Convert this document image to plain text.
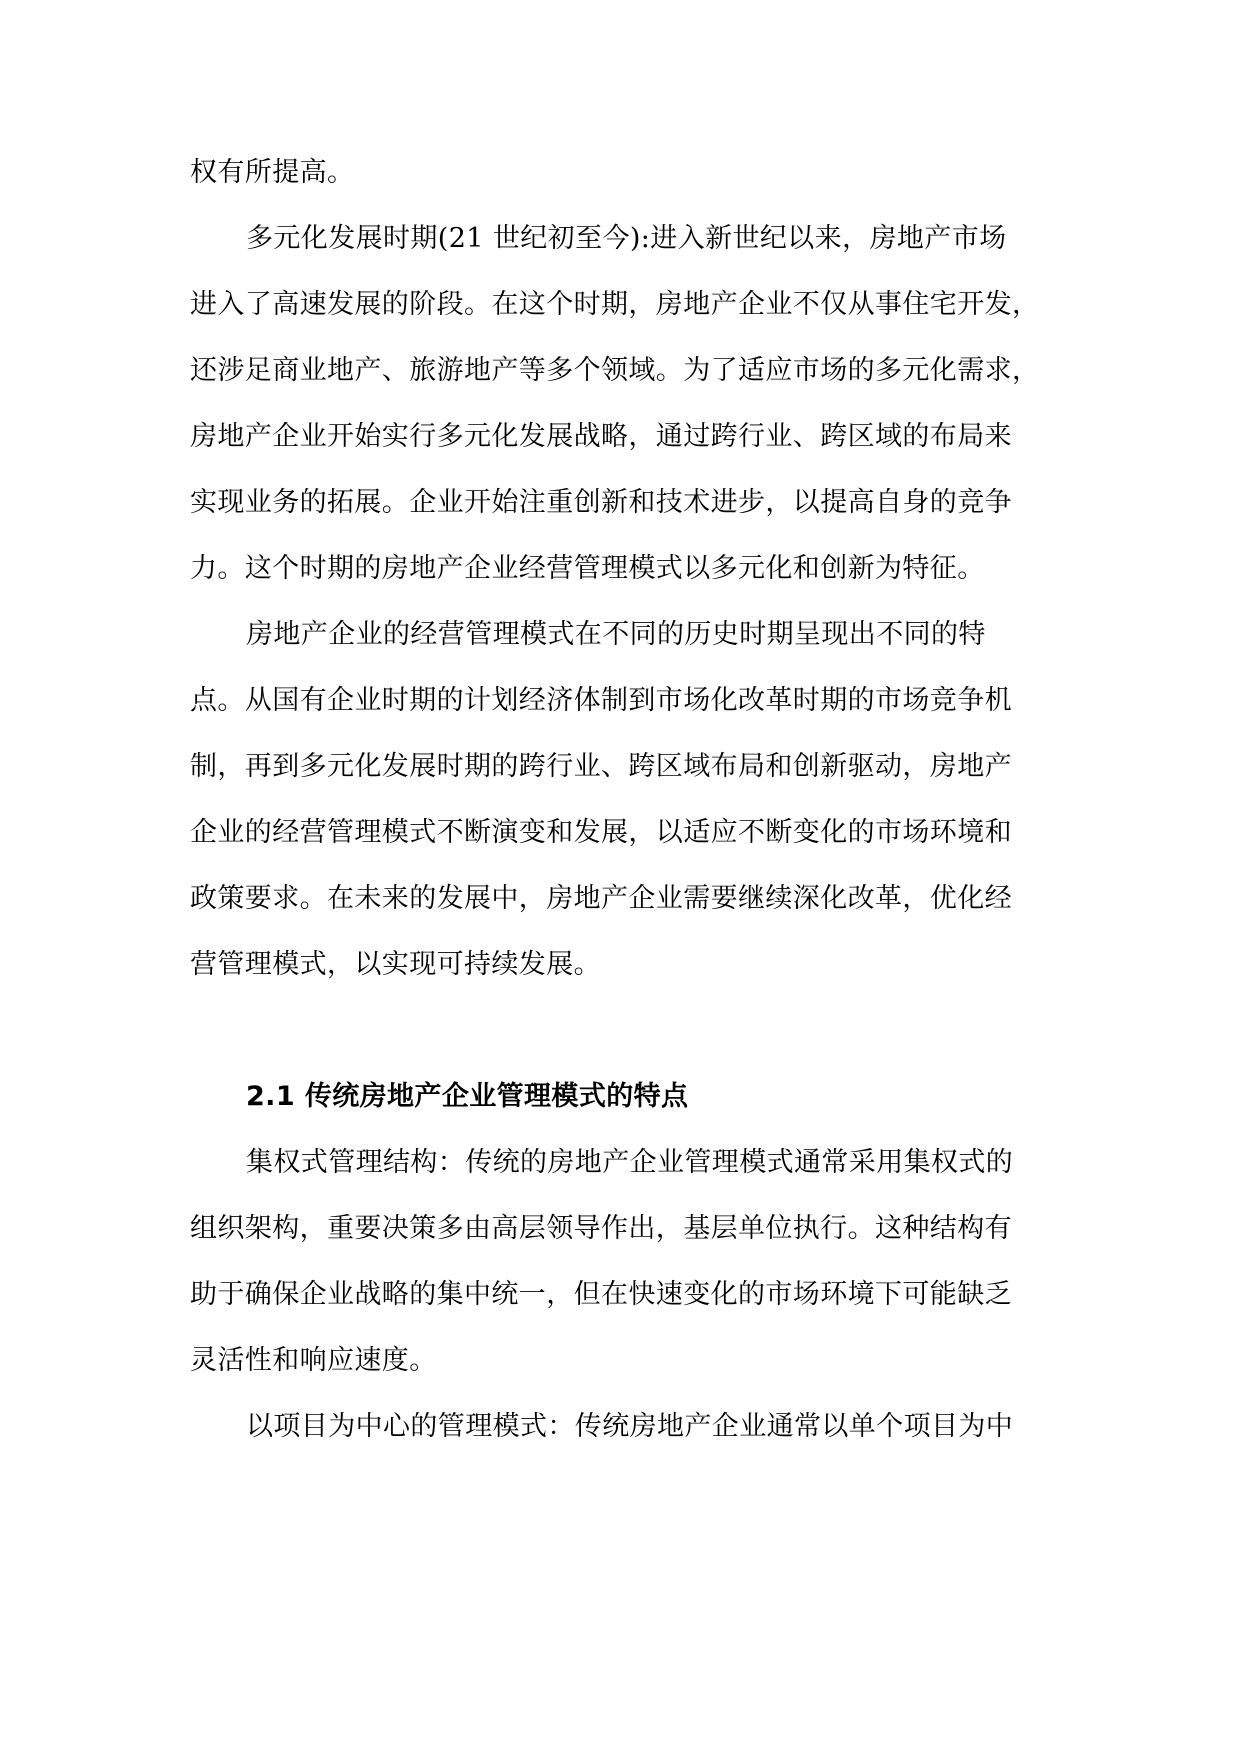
权有所提高。
多元化发展时期(21 世纪初至今):进入新世纪以来，房地产市场
进入了高速发展的阶段。在这个时期，房地产企业不仅从事住宅开发，
还涉足商业地产、旅游地产等多个领域。为了适应市场的多元化需求，
房地产企业开始实行多元化发展战略，通过跨行业、跨区域的布局来
实现业务的拓展。企业开始注重创新和技术进步，以提高自身的竞争
力。这个时期的房地产企业经营管理模式以多元化和创新为特征。
房地产企业的经营管理模式在不同的历史时期呈现出不同的特
点。从国有企业时期的计划经济体制到市场化改革时期的市场竞争机
制，再到多元化发展时期的跨行业、跨区域布局和创新驱动，房地产
企业的经营管理模式不断演变和发展，以适应不断变化的市场环境和
政策要求。在未来的发展中，房地产企业需要继续深化改革，优化经
营管理模式，以实现可持续发展。
2.1 传统房地产企业管理模式的特点
集权式管理结构：传统的房地产企业管理模式通常采用集权式的
组织架构，重要决策多由高层领导作出，基层单位执行。这种结构有
助于确保企业战略的集中统一，但在快速变化的市场环境下可能缺乏
灵活性和响应速度。
以项目为中心的管理模式：传统房地产企业通常以单个项目为中
